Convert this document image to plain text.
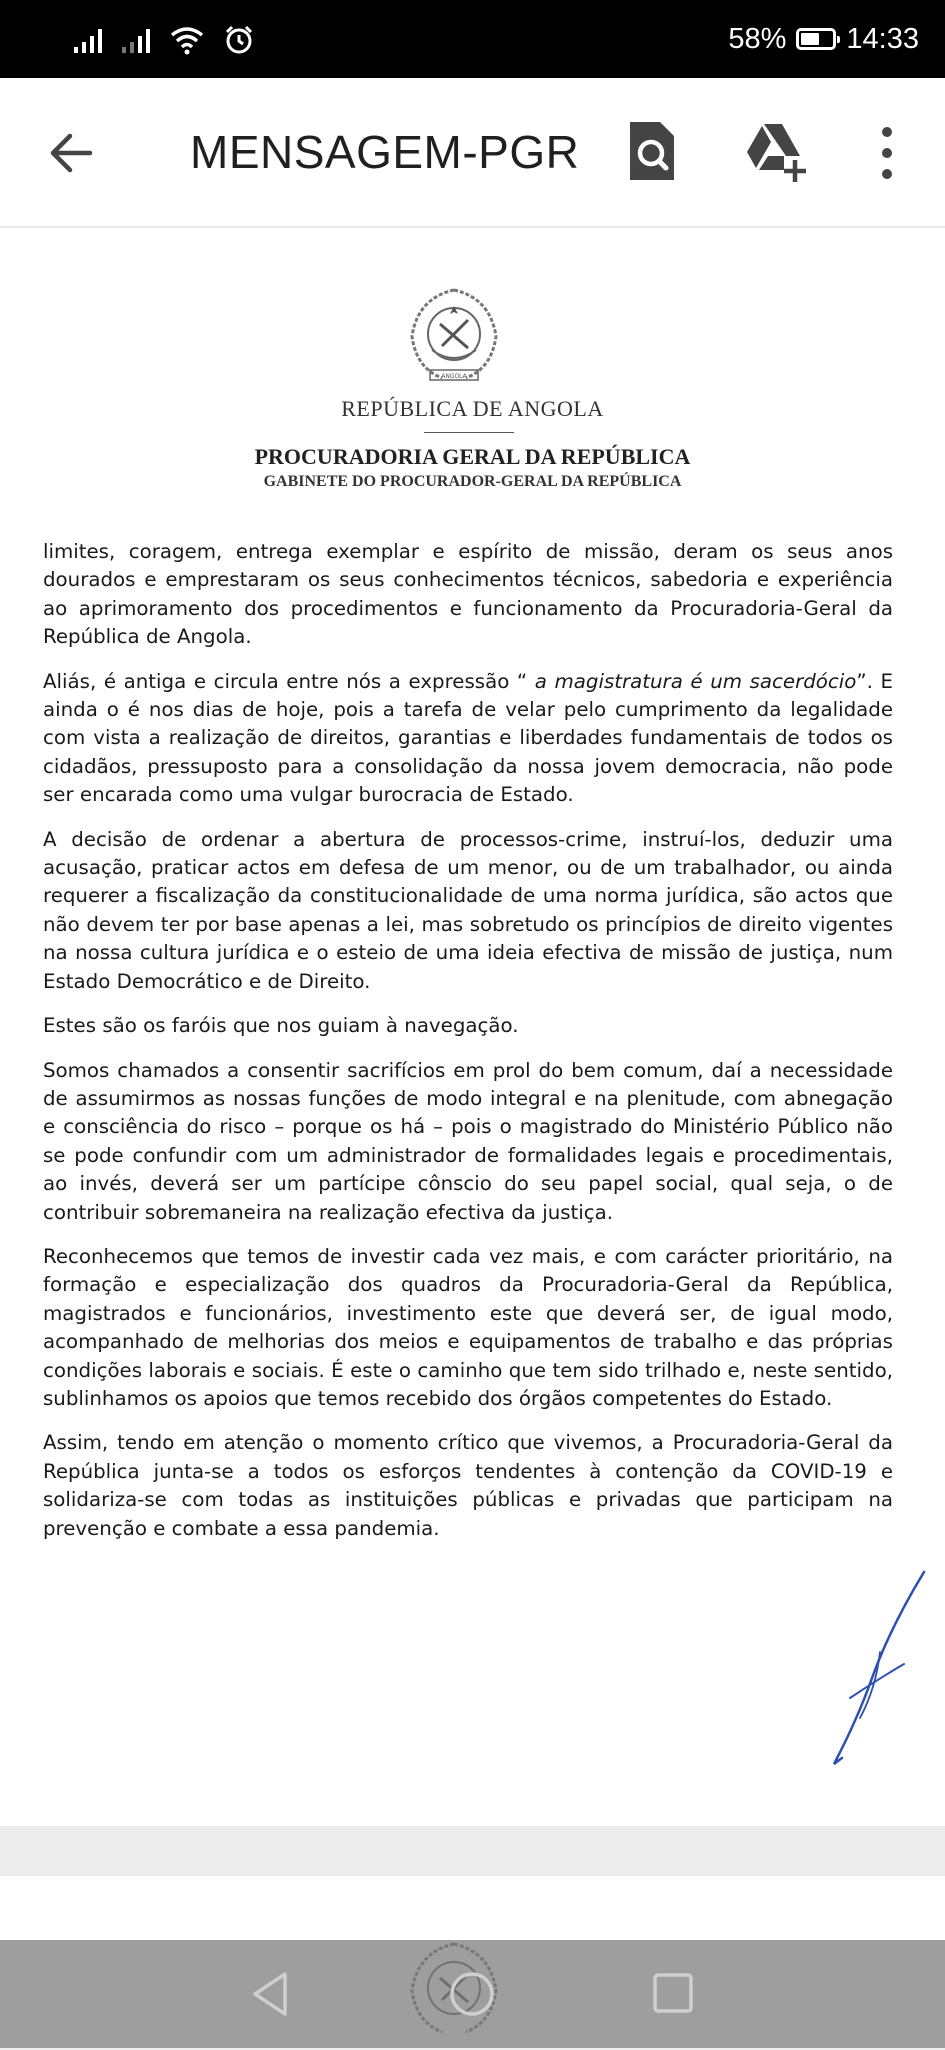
58% 14:33
MENSAGEM-PGR
ANGOLA
REPÚBLICA DE ANGOLA
PROCURADORIA GERAL DA REPÚBLICA
GABINETE DO PROCURADOR-GERAL DA REPÚBLICA

limites, coragem, entrega exemplar e espírito de missão, deram os seus anos dourados e emprestaram os seus conhecimentos técnicos, sabedoria e experiência ao aprimoramento dos procedimentos e funcionamento da Procuradoria-Geral da República de Angola.

Aliás, é antiga e circula entre nós a expressão “ a magistratura é um sacerdócio”. E ainda o é nos dias de hoje, pois a tarefa de velar pelo cumprimento da legalidade com vista a realização de direitos, garantias e liberdades fundamentais de todos os cidadãos, pressuposto para a consolidação da nossa jovem democracia, não pode ser encarada como uma vulgar burocracia de Estado.

A decisão de ordenar a abertura de processos-crime, instruí-los, deduzir uma acusação, praticar actos em defesa de um menor, ou de um trabalhador, ou ainda requerer a fiscalização da constitucionalidade de uma norma jurídica, são actos que não devem ter por base apenas a lei, mas sobretudo os princípios de direito vigentes na nossa cultura jurídica e o esteio de uma ideia efectiva de missão de justiça, num Estado Democrático e de Direito.

Estes são os faróis que nos guiam à navegação.

Somos chamados a consentir sacrifícios em prol do bem comum, daí a necessidade de assumirmos as nossas funções de modo integral e na plenitude, com abnegação e consciência do risco – porque os há – pois o magistrado do Ministério Público não se pode confundir com um administrador de formalidades legais e procedimentais, ao invés, deverá ser um partícipe cônscio do seu papel social, qual seja, o de contribuir sobremaneira na realização efectiva da justiça.

Reconhecemos que temos de investir cada vez mais, e com carácter prioritário, na formação e especialização dos quadros da Procuradoria-Geral da República, magistrados e funcionários, investimento este que deverá ser, de igual modo, acompanhado de melhorias dos meios e equipamentos de trabalho e das próprias condições laborais e sociais. É este o caminho que tem sido trilhado e, neste sentido, sublinhamos os apoios que temos recebido dos órgãos competentes do Estado.

Assim, tendo em atenção o momento crítico que vivemos, a Procuradoria-Geral da República junta-se a todos os esforços tendentes à contenção da COVID-19 e solidariza-se com todas as instituições públicas e privadas que participam na prevenção e combate a essa pandemia.
